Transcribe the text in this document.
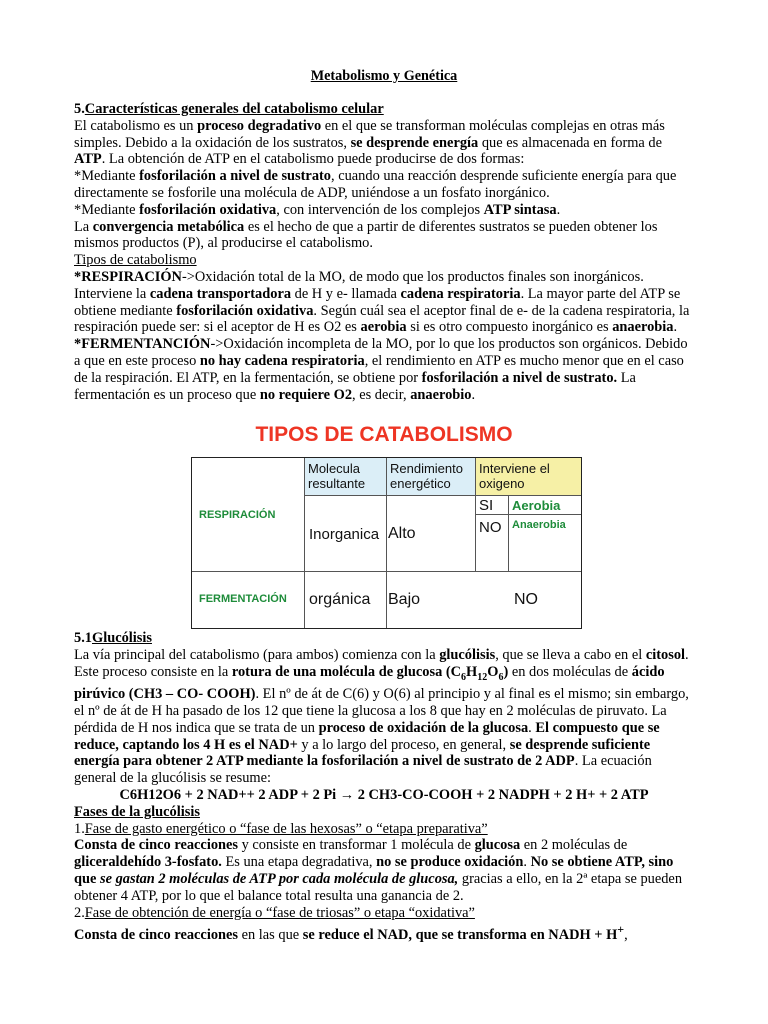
Metabolismo y Genética

5.Características generales del catabolismo celular

El catabolismo es un proceso degradativo en el que se transforman moléculas complejas en otras más simples. Debido a la oxidación de los sustratos, se desprende energía que es almacenada en forma de ATP. La obtención de ATP en el catabolismo puede producirse de dos formas:

*Mediante fosforilación a nivel de sustrato, cuando una reacción desprende suficiente energía para que directamente se fosforile una molécula de ADP, uniéndose a un fosfato inorgánico.

*Mediante fosforilación oxidativa, con intervención de los complejos ATP sintasa.

La convergencia metabólica es el hecho de que a partir de diferentes sustratos se pueden obtener los mismos productos (P), al producirse el catabolismo.

Tipos de catabolismo

*RESPIRACIÓN->Oxidación total de la MO, de modo que los productos finales son inorgánicos. Interviene la cadena transportadora de H y e- llamada cadena respiratoria. La mayor parte del ATP se obtiene mediante fosforilación oxidativa. Según cuál sea el aceptor final de e- de la cadena respiratoria, la respiración puede ser: si el aceptor de H es O2 es aerobia si es otro compuesto inorgánico es anaerobia.

*FERMENTANCIÓN->Oxidación incompleta de la MO, por lo que los productos son orgánicos. Debido a que en este proceso no hay cadena respiratoria, el rendimiento en ATP es mucho menor que en el caso de la respiración. El ATP, en la fermentación, se obtiene por fosforilación a nivel de sustrato. La fermentación es un proceso que no requiere O2, es decir, anaerobio.

TIPOS DE CATABOLISMO
Molecula resultante
Rendimiento energético
Interviene el oxigeno
RESPIRACIÓN
Inorganica Alto
SI Aerobia
NO Anaerobia
FERMENTACIÓN orgánica Bajo	NO

5.1Glucólisis

La vía principal del catabolismo (para ambos) comienza con la glucólisis, que se lleva a cabo en el citosol. Este proceso consiste en la rotura de una molécula de glucosa $(C_6H_{12}O_6)$ en dos moléculas de ácido pirúvico (CH3 – CO- COOH). El nº de át de C(6) y O(6) al principio y al final es el mismo; sin embargo, el nº de át de H ha pasado de los 12 que tiene la glucosa a los 8 que hay en 2 moléculas de piruvato. La pérdida de H nos indica que se trata de un proceso de oxidación de la glucosa. El compuesto que se reduce, captando los 4 H es el NAD+ y a lo largo del proceso, en general, se desprende suficiente energía para obtener 2 ATP mediante la fosforilación a nivel de sustrato de 2 ADP. La ecuación general de la glucólisis se resume:

C6H12O6 + 2 NAD++ 2 ADP + 2 Pi → 2 CH3-CO-COOH + 2 NADPH + 2 H+ + 2 ATP

Fases de la glucólisis

1.Fase de gasto energético o “fase de las hexosas” o “etapa preparativa”

Consta de cinco reacciones y consiste en transformar 1 molécula de glucosa en 2 moléculas de gliceraldehído 3-fosfato. Es una etapa degradativa, no se produce oxidación. No se obtiene ATP, sino que se gastan 2 moléculas de ATP por cada molécula de glucosa, gracias a ello, en la 2ª etapa se pueden obtener 4 ATP, por lo que el balance total resulta una ganancia de 2.

2.Fase de obtención de energía o “fase de triosas” o etapa “oxidativa”

Consta de cinco reacciones en las que se reduce el NAD, que se transforma en NADH + H+,
